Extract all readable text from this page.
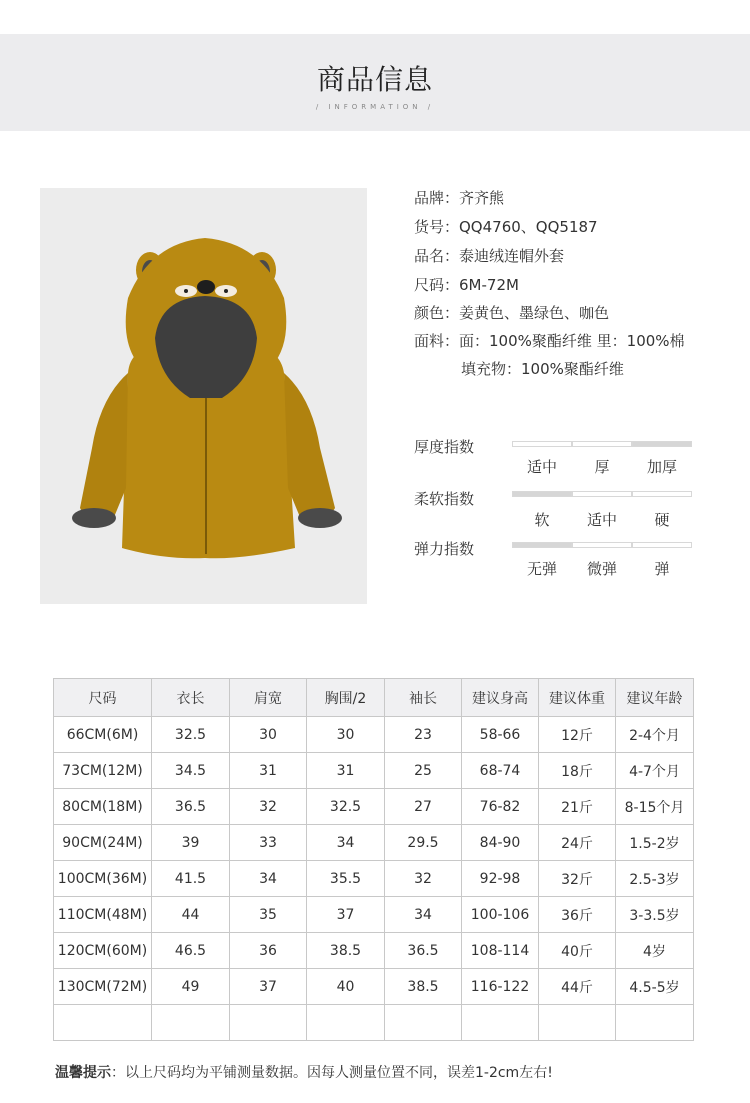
商品信息
/ INFORMATION /
品牌：齐齐熊
货号：QQ4760、QQ5187
品名：泰迪绒连帽外套
尺码：6M-72M
颜色：姜黄色、墨绿色、咖色
面料：面：100%聚酯纤维 里：100%棉
填充物：100%聚酯纤维
厚度指数
适中	厚	加厚
柔软指数
软	适中	硬
弹力指数
无弹	微弹	弹
尺码	衣长	肩宽	胸围/2	袖长	建议身高	建议体重	建议年龄
66CM(6M)	32.5	30	30	23	58-66	12斤	2-4个月
73CM(12M)	34.5	31	31	25	68-74	18斤	4-7个月
80CM(18M)	36.5	32	32.5	27	76-82	21斤	8-15个月
90CM(24M)	39	33	34	29.5	84-90	24斤	1.5-2岁
100CM(36M)	41.5	34	35.5	32	92-98	32斤	2.5-3岁
110CM(48M)	44	35	37	34	100-106	36斤	3-3.5岁
120CM(60M)	46.5	36	38.5	36.5	108-114	40斤	4岁
130CM(72M)	49	37	40	38.5	116-122	44斤	4.5-5岁

温馨提示：以上尺码均为平铺测量数据。因每人测量位置不同，误差1-2cm左右!
